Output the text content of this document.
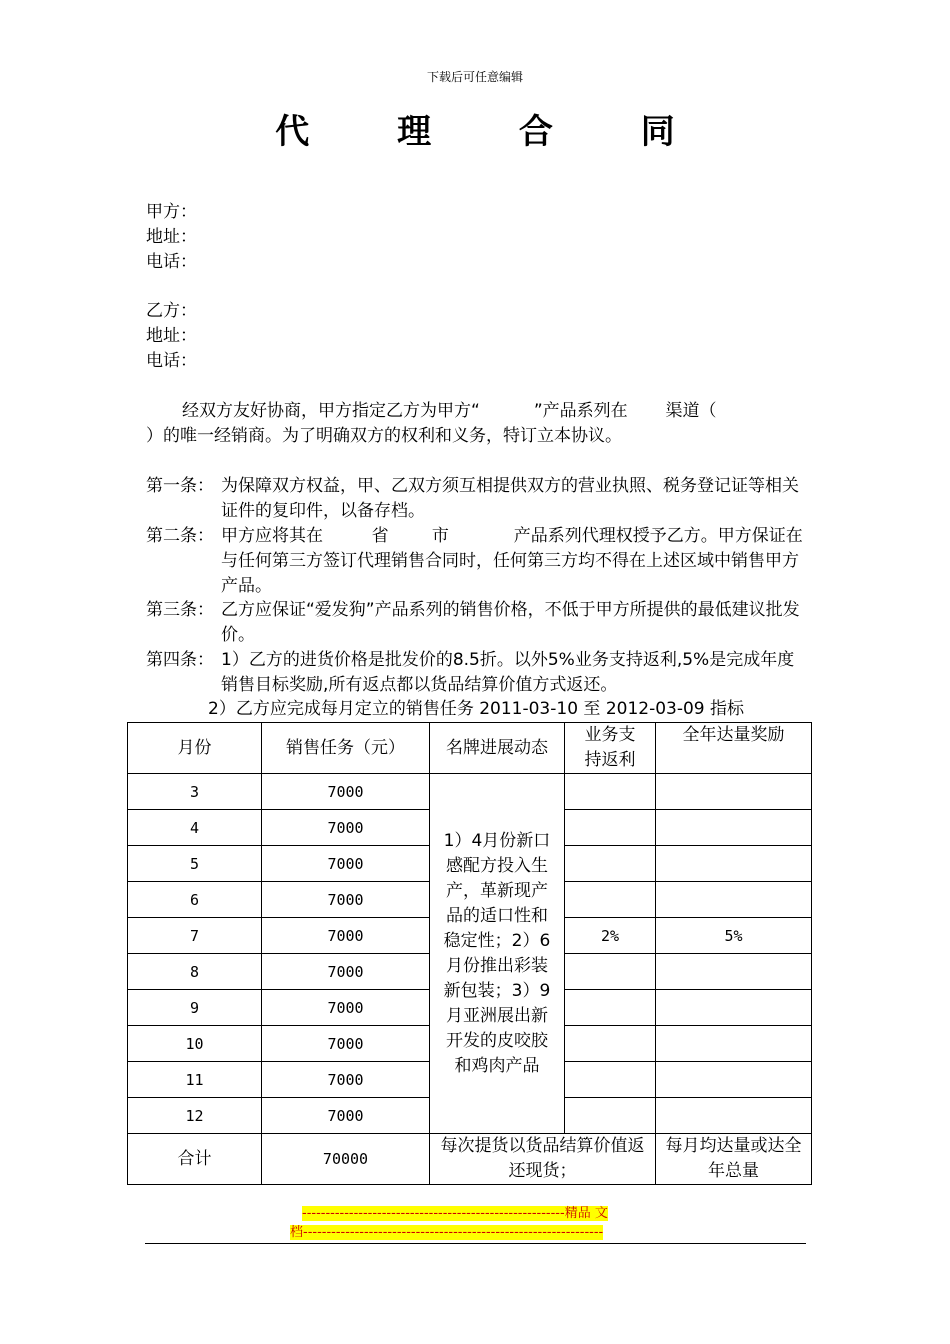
下载后可任意编辑
代 理 合 同
甲方：
地址：
电话：
乙方：
地址：
电话：
经双方友好协商，甲方指定乙方为甲方“          ”产品系列在       渠道（
）的唯一经销商。为了明确双方的权利和义务，特订立本协议。
第一条： 为保障双方权益，甲、乙双方须互相提供双方的营业执照、税务登记证等相关证件的复印件，以备存档。
第二条： 甲方应将其在         省        市            产品系列代理权授予乙方。甲方保证在与任何第三方签订代理销售合同时，任何第三方均不得在上述区域中销售甲方产品。
第三条： 乙方应保证“爱发狗”产品系列的销售价格，不低于甲方所提供的最低建议批发价。
第四条： 1）乙方的进货价格是批发价的8.5折。以外5%业务支持返利,5%是完成年度销售目标奖励,所有返点都以货品结算价值方式返还。
2）乙方应完成每月定立的销售任务 2011-03-10 至 2012-03-09 指标
月份	销售任务（元）	名牌进展动态	业务支持返利	全年达量奖励
3	7000	1）4月份新口感配方投入生产，革新现产品的适口性和稳定性；2）6月份推出彩装新包装；3）9月亚洲展出新开发的皮咬胶和鸡肉产品		
4	7000			
5	7000			
6	7000			
7	7000		2%	5%
8	7000			
9	7000			
10	7000			
11	7000			
12	7000			
合计	70000	每次提货以货品结算价值返还现货；		每月均达量或达全年总量
--------------------------------------------------------精品 文
档----------------------------------------------------------------
